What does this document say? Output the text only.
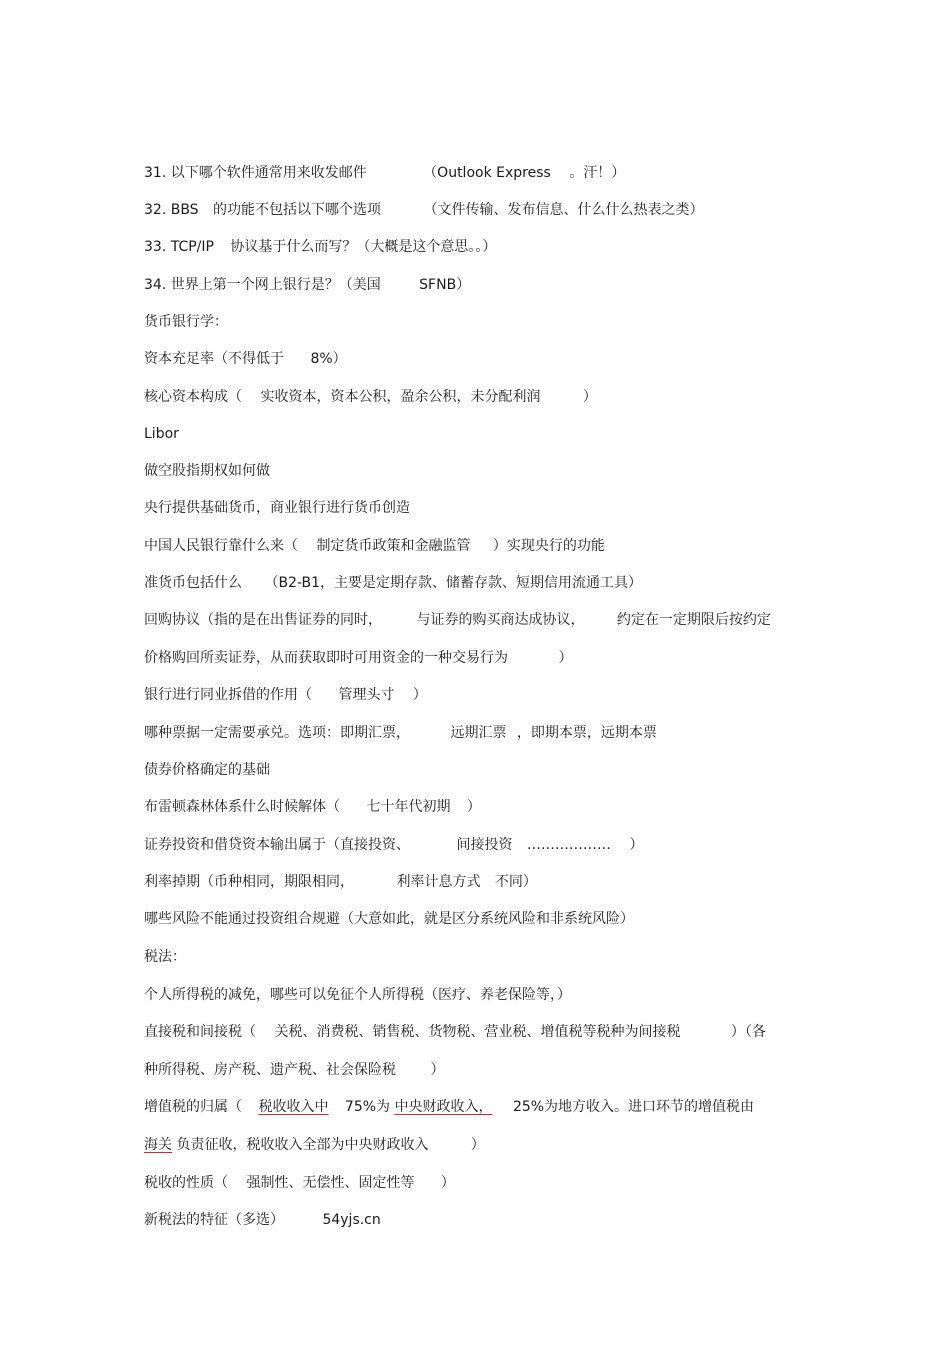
31. 以下哪个软件通常用来收发邮件	（Outlook Express 。汗！）
32. BBS 的功能不包括以下哪个选项	（文件传输、发布信息、什么什么热表之类）
33. TCP/IP 协议基于什么而写？（大概是这个意思。。）
34. 世界上第一个网上银行是？（美国	SFNB）
货币银行学：
资本充足率（不得低于 8%）
核心资本构成（ 实收资本，资本公积，盈余公积，未分配利润	）
Libor
做空股指期权如何做
央行提供基础货币，商业银行进行货币创造
中国人民银行靠什么来（ 制定货币政策和金融监管 ）实现央行的功能
准货币包括什么 （B2-B1，主要是定期存款、储蓄存款、短期信用流通工具）
回购协议（指的是在出售证券的同时， 与证券的购买商达成协议， 约定在一定期限后按约定
价格购回所卖证券，从而获取即时可用资金的一种交易行为	）
银行进行同业拆借的作用（ 管理头寸 ）
哪种票据一定需要承兑。选项：即期汇票，	远期汇票 ，即期本票，远期本票
债券价格确定的基础
布雷顿森林体系什么时候解体（ 七十年代初期 ）
证券投资和借贷资本输出属于（直接投资、	间接投资 ……………… ）
利率掉期（币种相同，期限相同，	利率计息方式 不同）
哪些风险不能通过投资组合规避（大意如此，就是区分系统风险和非系统风险）
税法：
个人所得税的减免，哪些可以免征个人所得税（医疗、养老保险等，）
直接税和间接税（ 关税、消费税、销售税、货物税、营业税、增值税等税种为间接税	）（各
种所得税、房产税、遗产税、社会保险税 ）
增值税的归属（ 税收收入中 75%为 中央财政收入， 25%为地方收入。进口环节的增值税由
海关 负责征收，税收收入全部为中央财政收入	）
税收的性质（ 强制性、无偿性、固定性等 ）
新税法的特征（多选）	54yjs.cn
